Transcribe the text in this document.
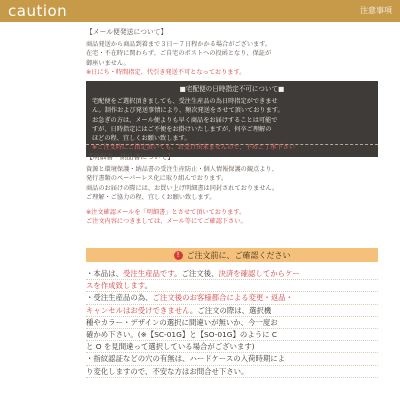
caution	注意事項
【メール便発送について】
商品発送から商品到着まで３日〜７日程かかる場合がございます。
在宅・不在時に関わらず、ご自宅のポストへの投函となり、保証が
御座いません。
※日にち・時間指定、代引き発送不可となっております。
■宅配便の日時指定不可について■
宅配便をご選択頂きましても、受注生産品の為日時指定ができませ
ん。制作および発送事情により、頻次発送をさせて頂いております。
お急ぎの方は、メール便よりも早く商品をお届けすることは可能で
すが、日時指定にはご不便をお掛けいたしますが、何卒ご理解の
ほどの程、宜しくお願い致します。
※ご注文時にご指定頂いても、お受け出来ませんので、予めご了承下さい
【明細書・納品書について】
資源と環境保護・納品書の受注生産防止・個人情報保護の観点より、
発行書類のペーパーレス化に取り組んでおります。
商品のお届けの際には、お買い上げ明細書は同封されておりません。
ご理解・ご協力の程、宜しくお願い致します。
※注文確認メールを「明細書」とさせて頂いております。
ご注文内容につきましては、メール等にてご確認下さい。
! ご注文前に、ご確認ください
・本品は、受注生産品です。ご注文後、決済を確認してからケー
スを作成致します。
・受注生産品の為、ご注文後のお客様都合による変更・返品・
キャンセルはお受けできません。ご注文の際は、選択機
種やカラー・デザインの選択に間違いが無いか、今一度お
確かめ下さい。(※【SC-01G】と【SO-01G】のように C
と O を見間違って選択している場合がございます)
・指紋認証などの穴の有無は、ハードケースの入荷時期によ
り変化しますので、不安な方はお問合せ下さい。
